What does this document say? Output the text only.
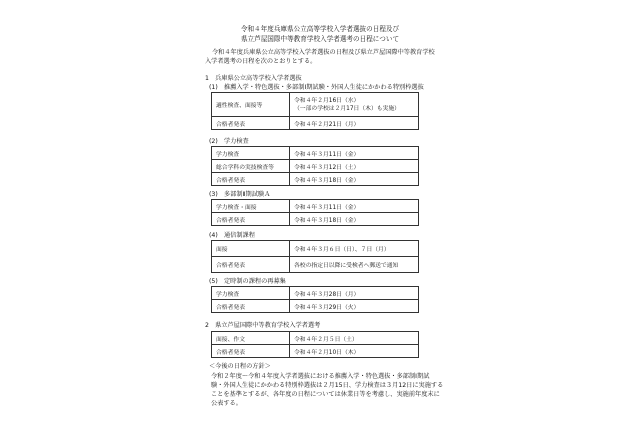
令和４年度兵庫県公立高等学校入学者選抜の日程及び
県立芦屋国際中等教育学校入学者選考の日程について
令和４年度兵庫県公立高等学校入学者選抜の日程及び県立芦屋国際中等教育学校
入学者選考の日程を次のとおりとする。
1　兵庫県公立高等学校入学者選抜
(1)　推薦入学・特色選抜・多部制Ⅰ期試験・外国人生徒にかかわる特別枠選抜
適性検査、面接等	令和４年２月16日（水）
（一部の学校は２月17日（木）も実施）

合格者発表	令和４年２月21日（月）
(2)　学力検査
学力検査	令和４年３月11日（金）
総合学科の実技検査等	令和４年３月12日（土）
合格者発表	令和４年３月18日（金）
(3)　多部制Ⅱ期試験Ａ
学力検査・面接	令和４年３月11日（金）
合格者発表	令和４年３月18日（金）
(4)　通信制課程
面接	令和４年３月６日（日）、７日（月）
合格者発表	各校の指定日以降に受検者へ郵送で通知
(5)　定時制の課程の再募集
学力検査	令和４年３月28日（月）
合格者発表	令和４年３月29日（火）
2　県立芦屋国際中等教育学校入学者選考
面接、作文	令和４年２月５日（土）
合格者発表	令和４年２月10日（木）
＜今後の日程の方針＞
令和２年度～令和４年度入学者選抜における推薦入学・特色選抜・多部制Ⅰ期試
験・外国人生徒にかかわる特別枠選抜は２月15日、学力検査は３月12日に実施する
ことを基準とするが、各年度の日程については休業日等を考慮し、実施前年度末に
公表する。
